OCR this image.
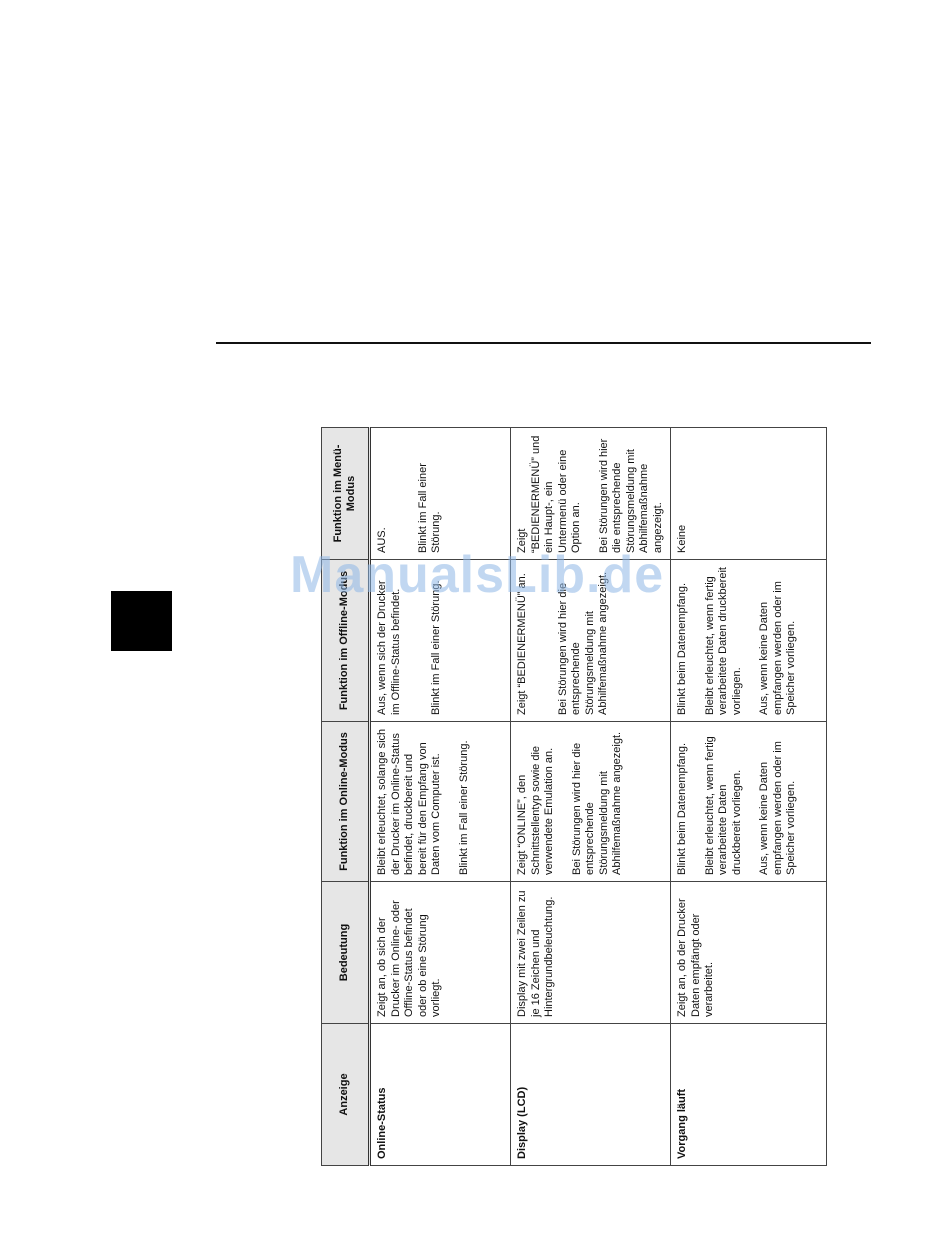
Anzeige	Bedeutung	Funktion im Online-Modus	Funktion im Offline-Modus	Funktion im Menü-Modus
Online-Status	Zeigt an, ob sich der Drucker im Online- oder Offline-Status befindet oder ob eine Störung vorliegt.	Bleibt erleuchtet, solange sich der Drucker im Online-Status befindet, druckbereit und bereit für den Empfang von Daten vom Computer ist. Blinkt im Fall einer Störung.	Aus, wenn sich der Drucker im Offline-Status befindet. Blinkt im Fall einer Störung.	AUS. Blinkt im Fall einer Störung.

Display (LCD)	Display mit zwei Zeilen zu je 16 Zeichen und Hintergrundbeleuchtung.	Zeigt “ONLINE”, den Schnittstellentyp sowie die verwendete Emulation an. Bei Störungen wird hier die entsprechende Störungsmeldung mit Abhilfemaßnahme angezeigt.	Zeigt “BEDIENERMENÜ” an. Bei Störungen wird hier die entsprechende Störungsmeldung mit Abhilfemaßnahme angezeigt.	Zeigt “BEDIENERMENÜ” und ein Haupt-, ein Untermenü oder eine Option an. Bei Störungen wird hier die entsprechende Störungsmeldung mit Abhilfemaßnahme angezeigt.

Vorgang läuft	Zeigt an, ob der Drucker Daten empfängt oder verarbeitet.	Blinkt beim Datenempfang. Bleibt erleuchtet, wenn fertig verarbeitete Daten druckbereit vorliegen. Aus, wenn keine Daten empfangen werden oder im Speicher vorliegen.	Blinkt beim Datenempfang. Bleibt erleuchtet, wenn fertig verarbeitete Daten druckbereit vorliegen. Aus, wenn keine Daten empfangen werden oder im Speicher vorliegen.	Keine
ManualsLib.de
